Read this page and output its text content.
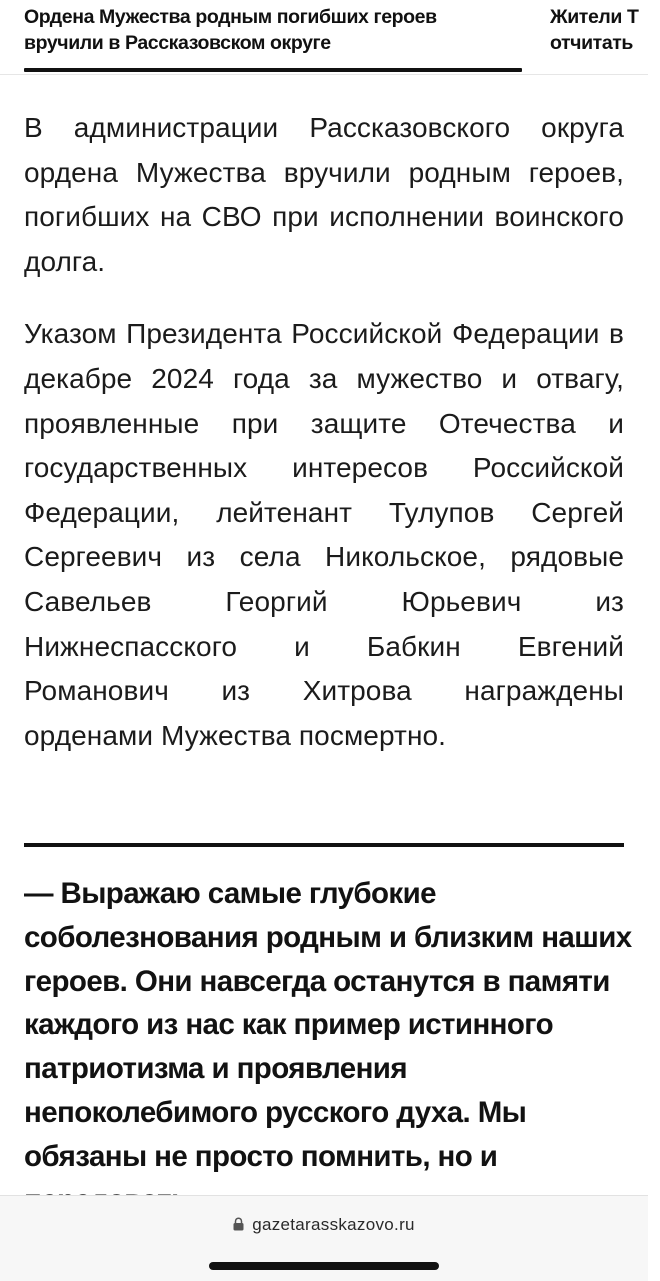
Ордена Мужества родным погибших героев
вручили в Рассказовском округе
Жители Т
отчитать

В администрации Рассказовского округа ордена Мужества вручили родным героев, погибших на СВО при исполнении воинского долга.

Указом Президента Российской Федерации в декабре 2024 года за мужество и отвагу, проявленные при защите Отечества и государственных интересов Российской Федерации, лейтенант Тулупов Сергей Сергеевич из села Никольское, рядовые Савельев Георгий Юрьевич из Нижнеспасского и Бабкин Евгений Романович из Хитрова награждены орденами Мужества посмертно.

— Выражаю самые глубокие соболезнования родным и близким наших героев. Они навсегда останутся в памяти каждого из нас как пример истинного патриотизма и проявления непоколебимого русского духа. Мы обязаны не просто помнить, но и

gazetarasskazovo.ru
